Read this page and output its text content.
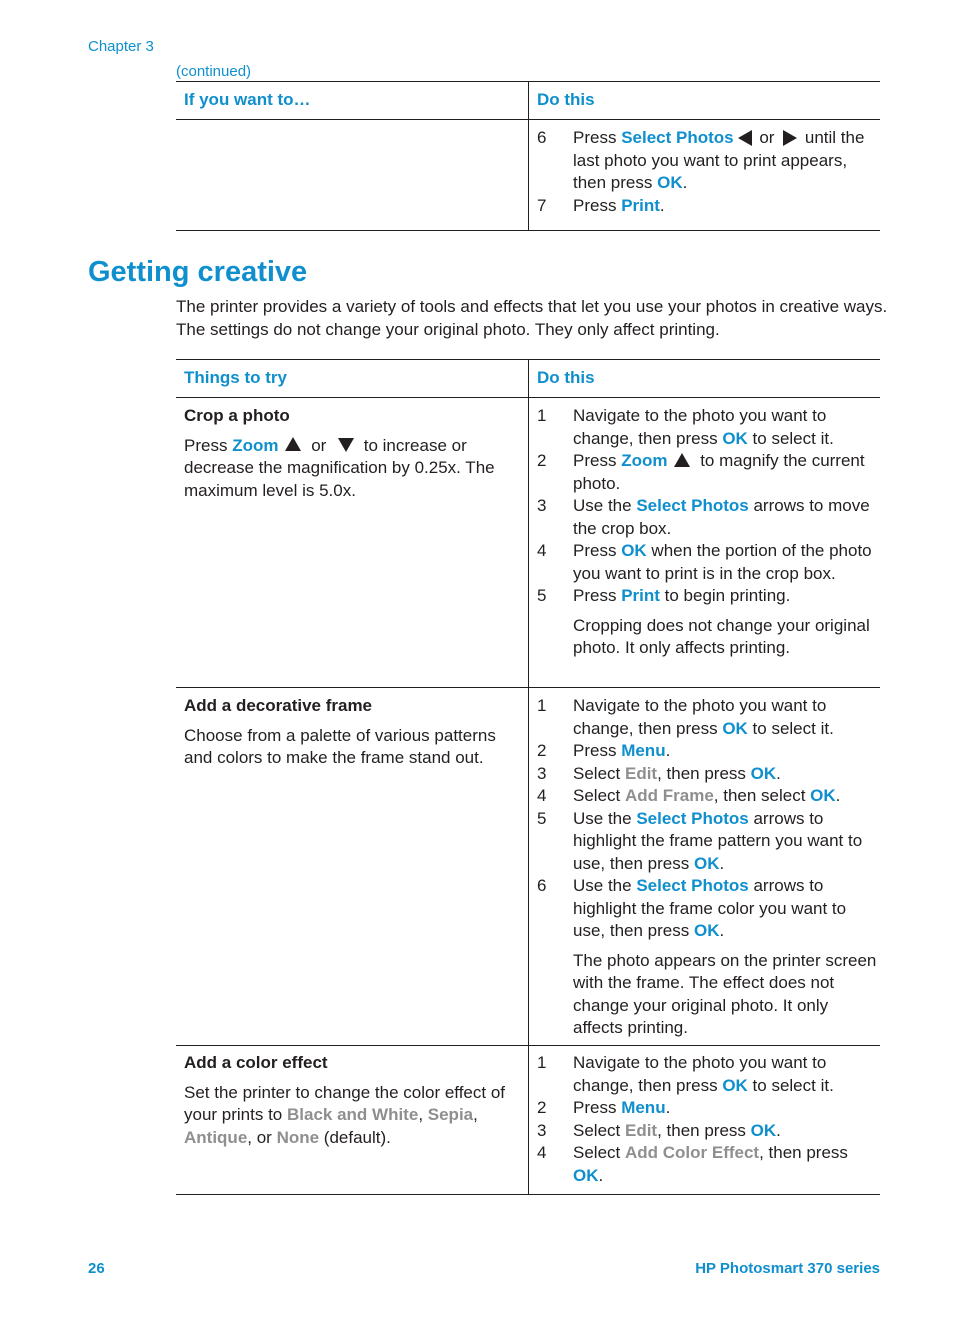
Chapter 3
(continued)
If you want to…	Do this
6	Press Select Photos or  until the last photo you want to print appears, then press OK.
7	Press Print.
Getting creative
The printer provides a variety of tools and effects that let you use your photos in creative ways. The settings do not change your original photo. They only affect printing.
Things to try	Do this
Crop a photo
Press Zoom or  to increase or decrease the magnification by 0.25x. The maximum level is 5.0x.
1	Navigate to the photo you want to change, then press OK to select it.
2	Press Zoom to magnify the current photo.
3	Use the Select Photos arrows to move the crop box.
4	Press OK when the portion of the photo you want to print is in the crop box.
5	Press Print to begin printing.
Cropping does not change your original photo. It only affects printing.
Add a decorative frame
Choose from a palette of various patterns and colors to make the frame stand out.
1	Navigate to the photo you want to change, then press OK to select it.
2	Press Menu.
3	Select Edit, then press OK.
4	Select Add Frame, then select OK.
5	Use the Select Photos arrows to highlight the frame pattern you want to use, then press OK.
6	Use the Select Photos arrows to highlight the frame color you want to use, then press OK.
The photo appears on the printer screen with the frame. The effect does not change your original photo. It only affects printing.
Add a color effect
Set the printer to change the color effect of your prints to Black and White, Sepia, Antique, or None (default).
1	Navigate to the photo you want to change, then press OK to select it.
2	Press Menu.
3	Select Edit, then press OK.
4	Select Add Color Effect, then press OK.
26	HP Photosmart 370 series
